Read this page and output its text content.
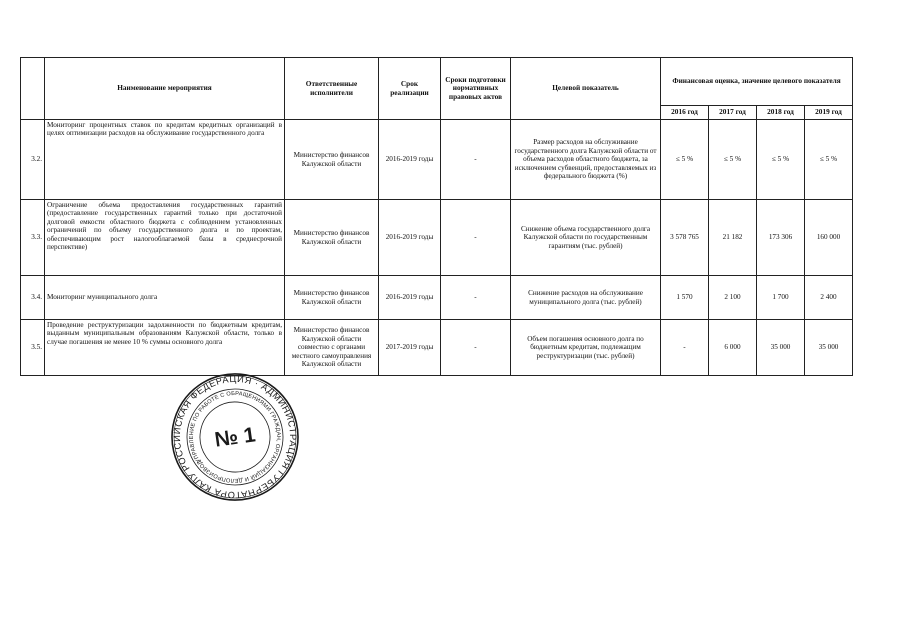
	Наименование мероприятия	Ответственные исполнители	Срок реализации	Сроки подготовки нормативных правовых актов	Целевой показатель	Финансовая оценка, значение целевого показателя			
						2016 год	2017 год	2018 год	2019 год
3.2.	Мониторинг процентных ставок по кредитам кредитных организаций в целях оптимизации расходов на обслуживание государственного долга	Министерство финансов Калужской области	2016-2019 годы	-	Размер расходов на обслуживание государственного долга Калужской области от объема расходов областного бюджета, за исключением субвенций, предоставляемых из федерального бюджета (%)	≤ 5 %	≤ 5 %	≤ 5 %	≤ 5 %
3.3.	Ограничение объема предоставления государственных гарантий (предоставление государственных гарантий только при достаточной долговой емкости областного бюджета с соблюдением установленных ограничений по объему государственного долга и по проектам, обеспечивающим рост налогооблагаемой базы в среднесрочной перспективе)	Министерство финансов Калужской области	2016-2019 годы	-	Снижение объема государственного долга Калужской области по государственным гарантиям (тыс. рублей)	3 578 765	21 182	173 306	160 000
3.4.	Мониторинг муниципального долга	Министерство финансов Калужской области	2016-2019 годы	-	Снижение расходов на обслуживание муниципального долга (тыс. рублей)	1 570	2 100	1 700	2 400
3.5.	Проведение реструктуризации задолженности по бюджетным кредитам, выданным муниципальным образованиям Калужской области, только в случае погашения не менее 10 % суммы основного долга	Министерство финансов Калужской области совместно с органами местного самоуправления Калужской области	2017-2019 годы	-	Объем погашения основного долга по бюджетным кредитам, подлежащим реструктуризации (тыс. рублей)	-	6 000	35 000	35 000
РОССИЙСКАЯ ФЕДЕРАЦИЯ · АДМИНИСТРАЦИЯ ГУБЕРНАТОРА КАЛУЖСКОЙ
УПРАВЛЕНИЕ ПО РАБОТЕ С ОБРАЩЕНИЯМИ ГРАЖДАН, ОРГАНИЗАЦИЙ И ДЕЛОПРОИЗВОДСТВУ
№ 1
